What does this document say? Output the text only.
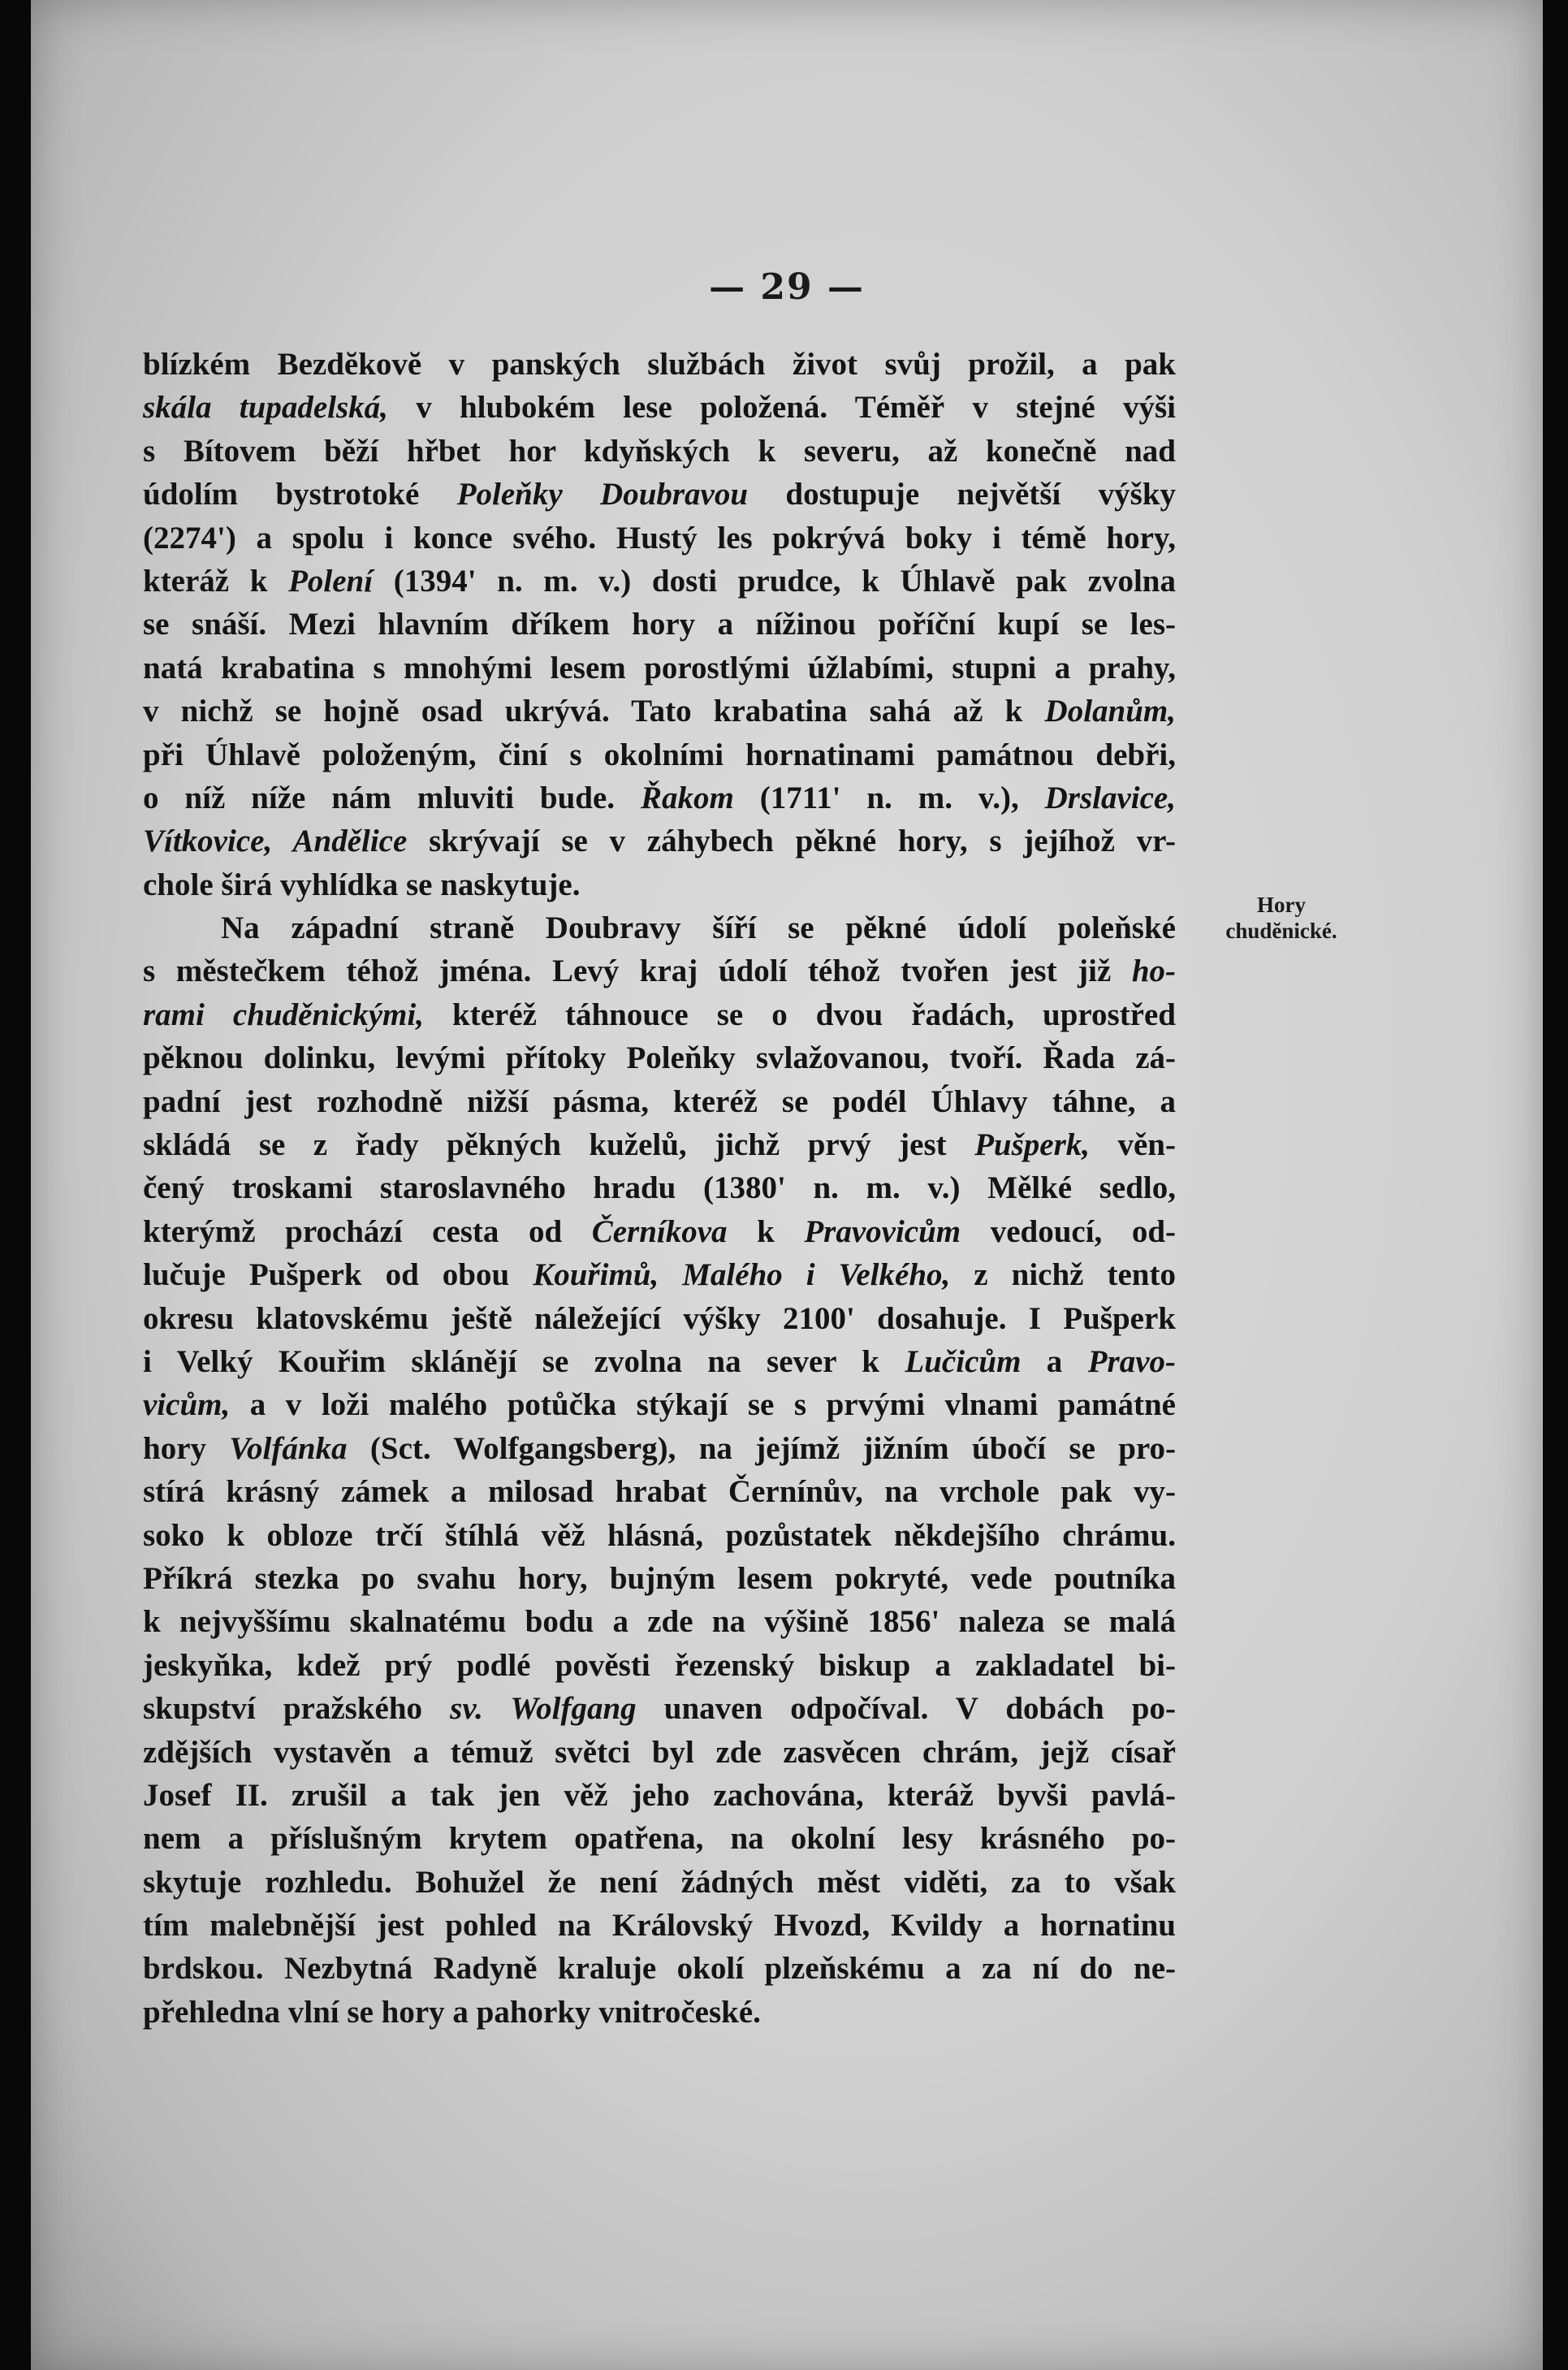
— 29 —
blízkém Bezdĕkovĕ v panských službách život svůj prožil, a pak
skála tupadelská, v hlubokém lese položená. Téměř v stejné výši
s Bítovem běží hřbet hor kdyňských k severu, až konečně nad
údolím bystrotoké Poleňky Doubravou dostupuje největší výšky
(2274') a spolu i konce svého. Hustý les pokrývá boky i témě hory,
kteráž k Polení (1394' n. m. v.) dosti prudce, k Úhlavě pak zvolna
se snáší. Mezi hlavním dříkem hory a nížinou poříční kupí se les-
natá krabatina s mnohými lesem porostlými úžlabími, stupni a prahy,
v nichž se hojně osad ukrývá. Tato krabatina sahá až k Dolanům,
při Úhlavě položeným, činí s okolními hornatinami památnou debři,
o níž níže nám mluviti bude. Řakom (1711' n. m. v.), Drslavice,
Vítkovice, Andělice skrývají se v záhybech pěkné hory, s jejíhož vr-
chole širá vyhlídka se naskytuje.
Na západní straně Doubravy šíří se pěkné údolí poleňské
s městečkem téhož jména. Levý kraj údolí téhož tvořen jest již ho-
rami chuděnickými, kteréž táhnouce se o dvou řadách, uprostřed
pěknou dolinku, levými přítoky Poleňky svlažovanou, tvoří. Řada zá-
padní jest rozhodně nižší pásma, kteréž se podél Úhlavy táhne, a
skládá se z řady pěkných kuželů, jichž prvý jest Pušperk, věn-
čený troskami staroslavného hradu (1380' n. m. v.) Mělké sedlo,
kterýmž prochází cesta od Černíkova k Pravovicům vedoucí, od-
lučuje Pušperk od obou Kouřimů, Malého i Velkého, z nichž tento
okresu klatovskému ještě náležející výšky 2100' dosahuje. I Pušperk
i Velký Kouřim sklánějí se zvolna na sever k Lučicům a Pravo-
vicům, a v loži malého potůčka stýkají se s prvými vlnami památné
hory Volfánka (Sct. Wolfgangsberg), na jejímž jižním úbočí se pro-
stírá krásný zámek a milosad hrabat Černínův, na vrchole pak vy-
soko k obloze trčí štíhlá věž hlásná, pozůstatek někdejšího chrámu.
Příkrá stezka po svahu hory, bujným lesem pokryté, vede poutníka
k nejvyššímu skalnatému bodu a zde na výšině 1856' naleza se malá
jeskyňka, kdež prý podlé pověsti řezenský biskup a zakladatel bi-
skupství pražského sv. Wolfgang unaven odpočíval. V dobách po-
zdějších vystavěn a témuž světci byl zde zasvěcen chrám, jejž císař
Josef II. zrušil a tak jen věž jeho zachována, kteráž byvši pavlá-
nem a příslušným krytem opatřena, na okolní lesy krásného po-
skytuje rozhledu. Bohužel že není žádných měst viděti, za to však
tím malebnější jest pohled na Královský Hvozd, Kvildy a hornatinu
brdskou. Nezbytná Radyně kraluje okolí plzeňskému a za ní do ne-
přehledna vlní se hory a pahorky vnitročeské.
Hory
chudĕnické.
